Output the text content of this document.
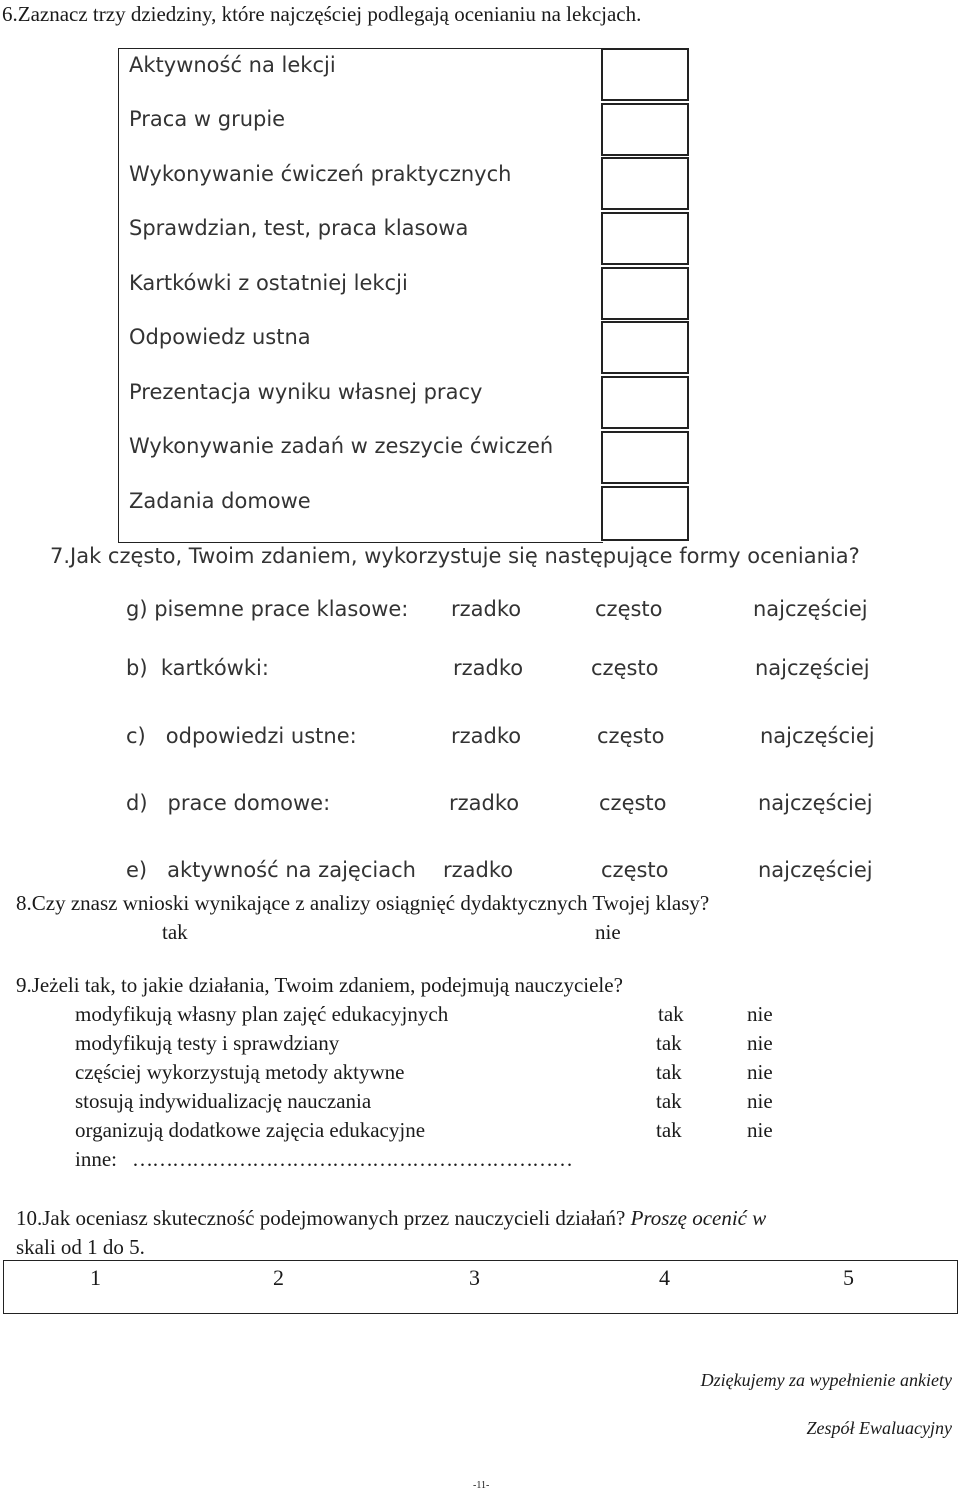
6.Zaznacz trzy dziedziny, które najczęściej podlegają ocenianiu na lekcjach.
Aktywność na lekcji
Praca w grupie
Wykonywanie ćwiczeń praktycznych
Sprawdzian, test, praca klasowa
Kartkówki z ostatniej lekcji
Odpowiedz ustna
Prezentacja wyniku własnej pracy
Wykonywanie zadań w zeszycie ćwiczeń
Zadania domowe
7.Jak często, Twoim zdaniem, wykorzystuje się następujące formy oceniania?
g) pisemne prace klasowe: rzadko	często	najczęściej
b)  kartkówki:	rzadko	często	najczęściej
c)   odpowiedzi ustne:	rzadko	często	najczęściej
d)   prace domowe:	rzadko	często	najczęściej
e)   aktywność na zajęciach rzadko	często	najczęściej
8.Czy znasz wnioski wynikające z analizy osiągnięć dydaktycznych Twojej klasy?
tak	nie
9.Jeżeli tak, to jakie działania, Twoim zdaniem, podejmują nauczyciele?
modyfikują własny plan zajęć edukacyjnych	tak	nie
modyfikują testy i sprawdziany	tak	nie
częściej wykorzystują metody aktywne	tak	nie
stosują indywidualizację nauczania	tak	nie
organizują dodatkowe zajęcia edukacyjne	tak	nie
inne: …………………………………………………………
10.Jak oceniasz skuteczność podejmowanych przez nauczycieli działań? Proszę ocenić w
skali od 1 do 5.
1	2	3	4	5
Dziękujemy za wypełnienie ankiety
Zespół Ewaluacyjny
-11-
